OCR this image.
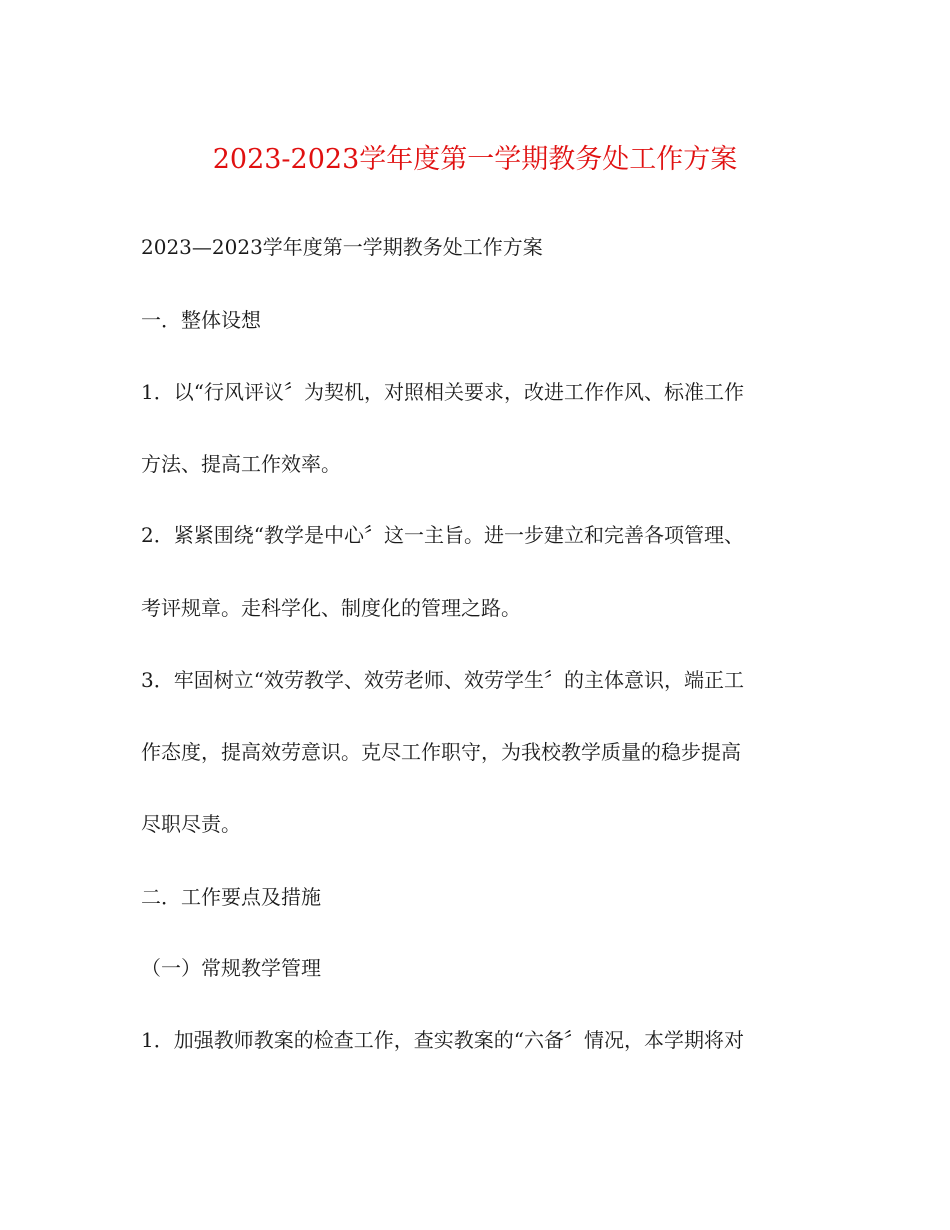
2023-2023学年度第一学期教务处工作方案
2023—2023学年度第一学期教务处工作方案
一．整体设想
1．以“行风评议〞为契机，对照相关要求，改进工作作风、标准工作
方法、提高工作效率。
2．紧紧围绕“教学是中心〞这一主旨。进一步建立和完善各项管理、
考评规章。走科学化、制度化的管理之路。
3．牢固树立“效劳教学、效劳老师、效劳学生〞的主体意识，端正工
作态度，提高效劳意识。克尽工作职守，为我校教学质量的稳步提高
尽职尽责。
二．工作要点及措施
（一）常规教学管理
1．加强教师教案的检查工作，查实教案的“六备〞情况，本学期将对
